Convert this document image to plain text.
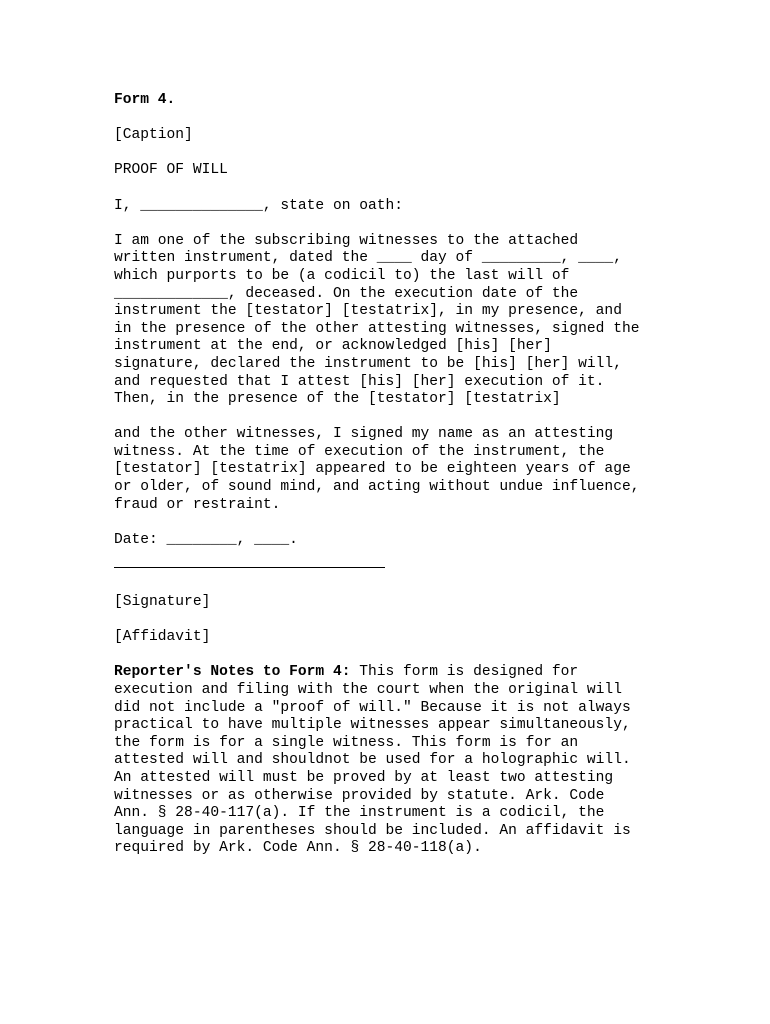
Form 4.

[Caption]

PROOF OF WILL

I, ______________, state on oath:

I am one of the subscribing witnesses to the attached
written instrument, dated the ____ day of _________, ____,
which purports to be (a codicil to) the last will of
_____________, deceased. On the execution date of the
instrument the [testator] [testatrix], in my presence, and
in the presence of the other attesting witnesses, signed the
instrument at the end, or acknowledged [his] [her]
signature, declared the instrument to be [his] [her] will,
and requested that I attest [his] [her] execution of it.
Then, in the presence of the [testator] [testatrix]

and the other witnesses, I signed my name as an attesting
witness. At the time of execution of the instrument, the
[testator] [testatrix] appeared to be eighteen years of age
or older, of sound mind, and acting without undue influence,
fraud or restraint.

Date: ________, ____.

[Signature]

[Affidavit]

Reporter's Notes to Form 4: This form is designed for
execution and filing with the court when the original will
did not include a "proof of will." Because it is not always
practical to have multiple witnesses appear simultaneously,
the form is for a single witness. This form is for an
attested will and shouldnot be used for a holographic will.
An attested will must be proved by at least two attesting
witnesses or as otherwise provided by statute. Ark. Code
Ann. § 28-40-117(a). If the instrument is a codicil, the
language in parentheses should be included. An affidavit is
required by Ark. Code Ann. § 28-40-118(a).
